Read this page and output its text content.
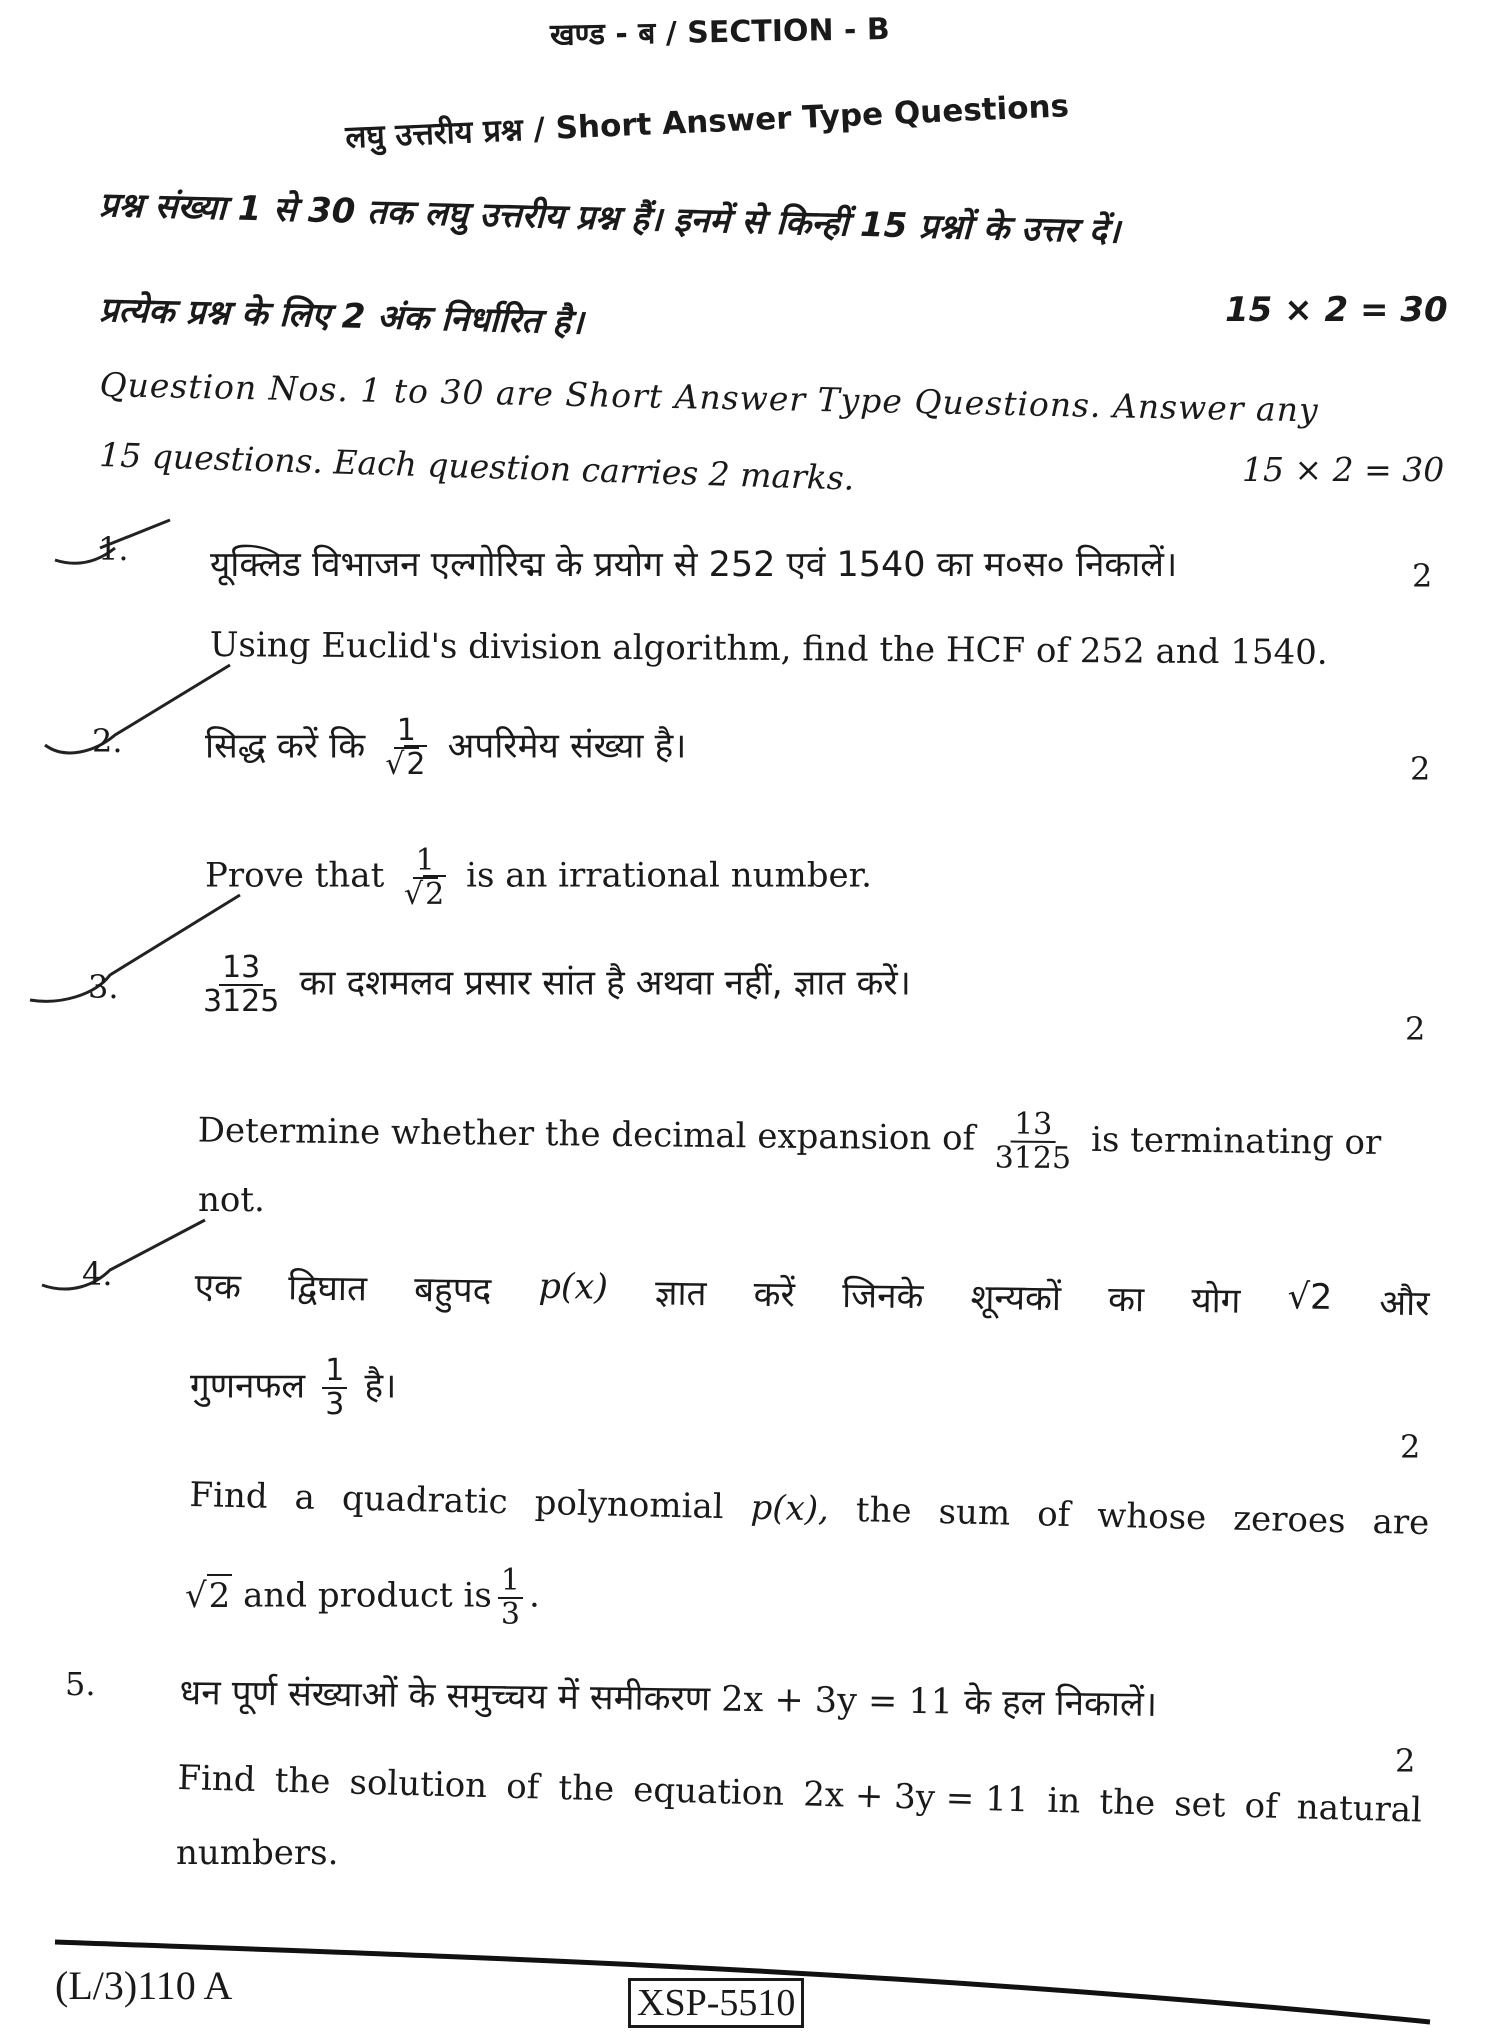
खण्ड - ब / SECTION - B
लघु उत्तरीय प्रश्न / Short Answer Type Questions
प्रश्न संख्या 1 से 30 तक लघु उत्तरीय प्रश्न हैं। इनमें से किन्हीं 15 प्रश्नों के उत्तर दें।
प्रत्येक प्रश्न के लिए 2 अंक निर्धारित है।	15 × 2 = 30
Question Nos. 1 to 30 are Short Answer Type Questions. Answer any
15 questions. Each question carries 2 marks.	15 × 2 = 30
1. यूक्लिड विभाजन एल्गोरिद्म के प्रयोग से 252 एवं 1540 का म०स० निकालें।	2
Using Euclid's division algorithm, find the HCF of 252 and 1540.
2. सिद्ध करें कि $\frac{1}{√2}$ अपरिमेय संख्या है।
2
Prove that $\frac{1}{√2}$ is an irrational number.
3.	$\frac{13}{3125}$ का दशमलव प्रसार सांत है अथवा नहीं, ज्ञात करें।
2
Determine whether the decimal expansion of $\frac{13}{3125}$ is terminating or
not.
4. एक द्विघात बहुपद p(x) ज्ञात करें जिनके शून्यकों का योग √2 और
गुणनफल $\frac{1}{3}$ है।
2
Find a quadratic polynomial p(x), the sum of whose zeroes are
√2 and product is $\frac{1}{3}$ .
5. धन पूर्ण संख्याओं के समुच्चय में समीकरण 2x + 3y = 11 के हल निकालें।
2
Find the solution of the equation 2x + 3y = 11 in the set of natural
numbers.
(L/3)110 A	XSP-5510
